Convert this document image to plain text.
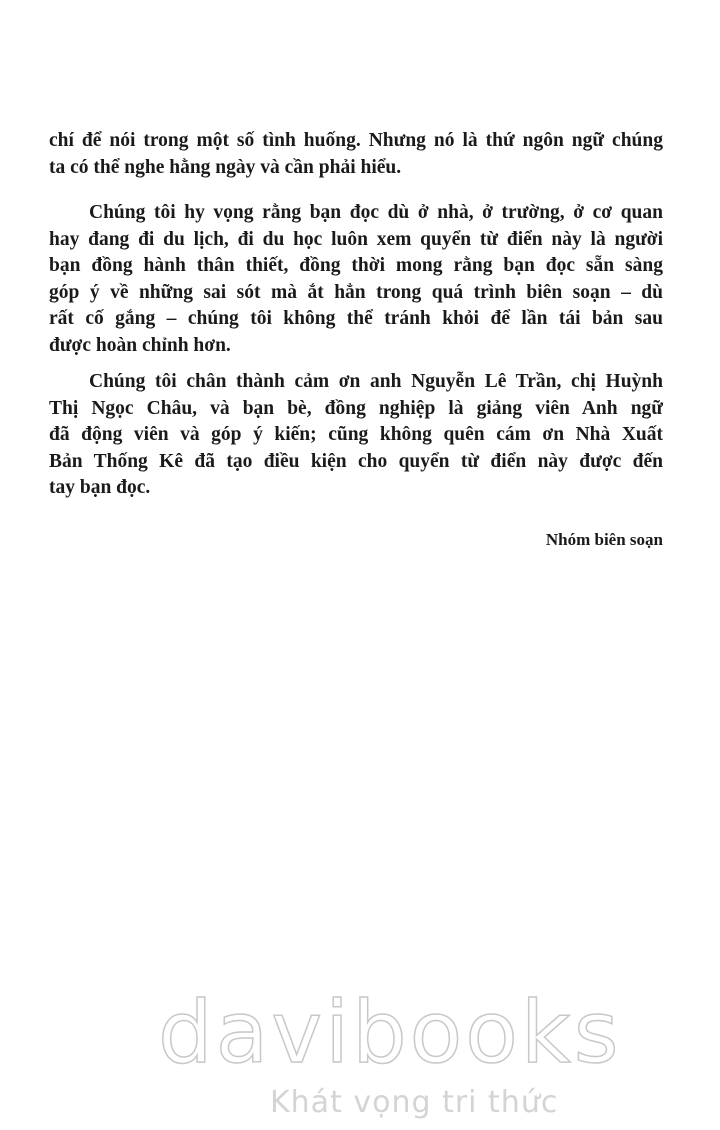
chí để nói trong một số tình huống. Nhưng nó là thứ ngôn ngữ chúng
ta có thể nghe hằng ngày và cần phải hiểu.
Chúng tôi hy vọng rằng bạn đọc dù ở nhà, ở trường, ở cơ quan
hay đang đi du lịch, đi du học luôn xem quyển từ điển này là người
bạn đồng hành thân thiết, đồng thời mong rằng bạn đọc sẵn sàng
góp ý về những sai sót mà ắt hẳn trong quá trình biên soạn – dù
rất cố gắng – chúng tôi không thể tránh khỏi để lần tái bản sau
được hoàn chỉnh hơn.
Chúng tôi chân thành cảm ơn anh Nguyễn Lê Trần, chị Huỳnh
Thị Ngọc Châu, và bạn bè, đồng nghiệp là giảng viên Anh ngữ
đã động viên và góp ý kiến; cũng không quên cám ơn Nhà Xuất
Bản Thống Kê đã tạo điều kiện cho quyển từ điển này được đến
tay bạn đọc.
Nhóm biên soạn
davibooks
Khát vọng tri thức
